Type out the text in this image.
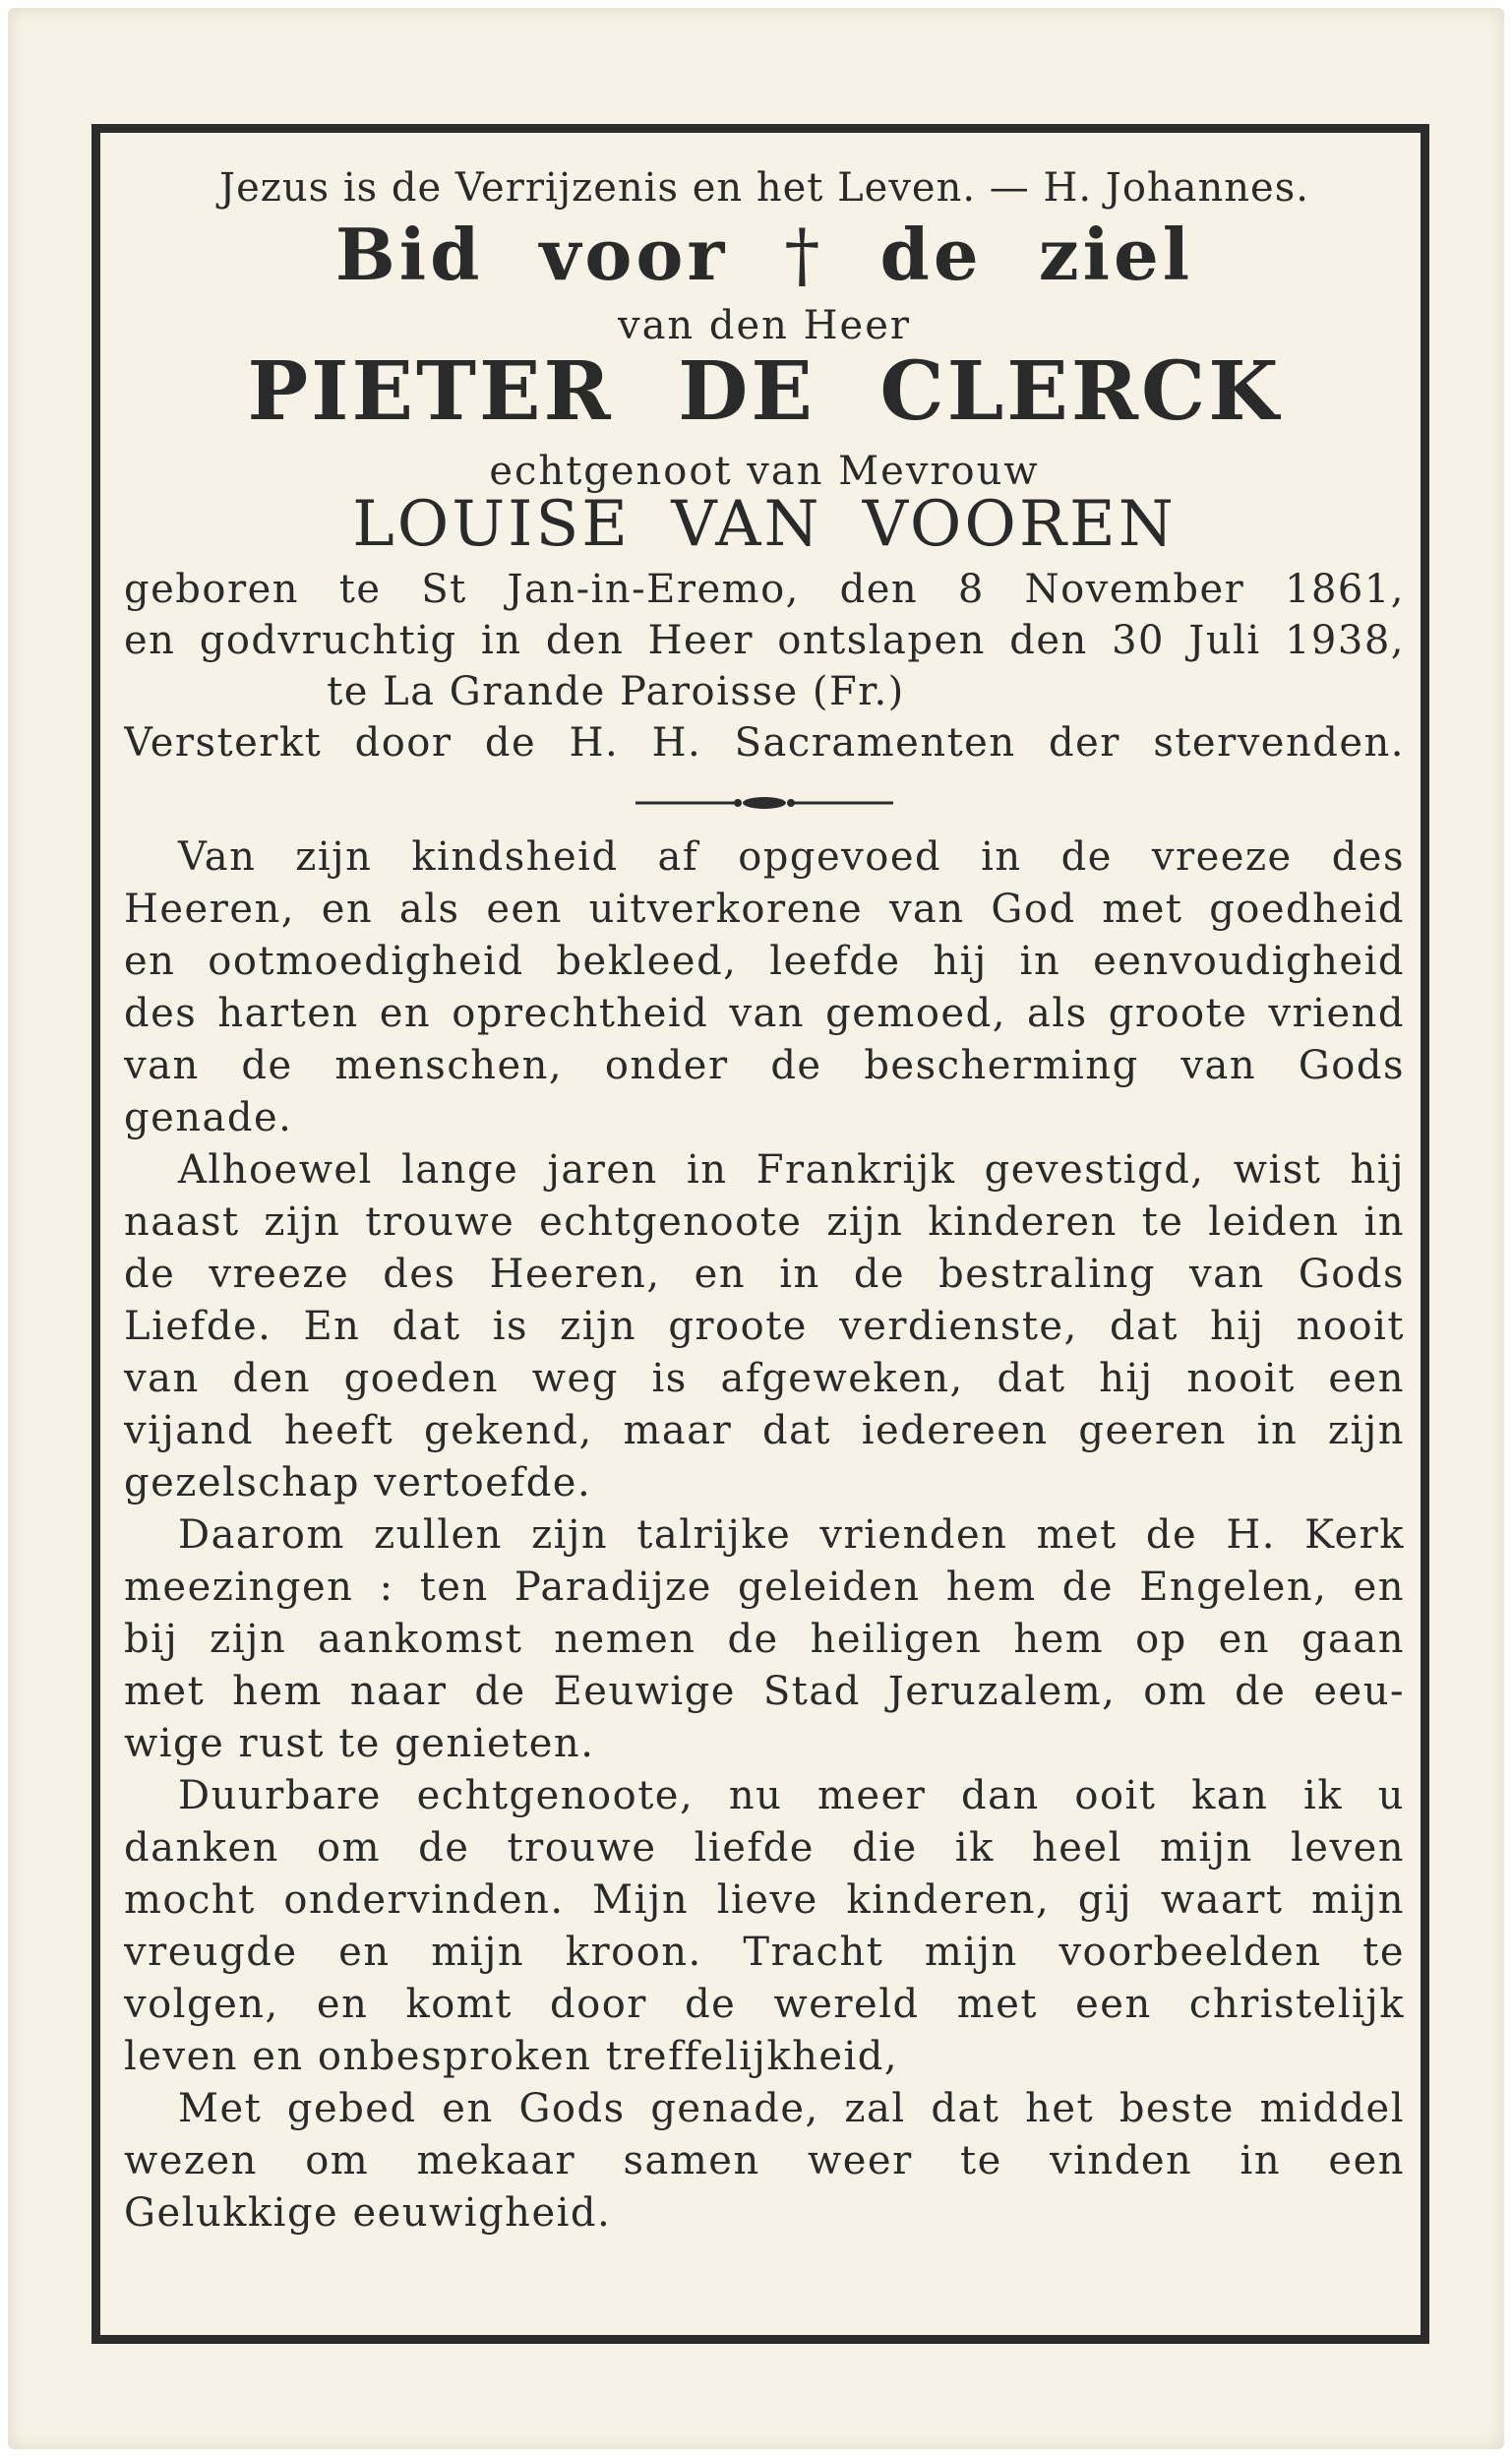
Jezus is de Verrijzenis en het Leven. — H. Johannes.
Bid voor † de ziel
van den Heer
PIETER DE CLERCK
echtgenoot van Mevrouw
LOUISE VAN VOOREN
geboren te St Jan-in-Eremo, den 8 November 1861,
en godvruchtig in den Heer ontslapen den 30 Juli 1938,
te La Grande Paroisse (Fr.)
Versterkt door de H. H. Sacramenten der stervenden.
Van zijn kindsheid af opgevoed in de vreeze des
Heeren, en als een uitverkorene van God met goedheid
en ootmoedigheid bekleed, leefde hij in eenvoudigheid
des harten en oprechtheid van gemoed, als groote vriend
van de menschen, onder de bescherming van Gods
genade.
Alhoewel lange jaren in Frankrijk gevestigd, wist hij
naast zijn trouwe echtgenoote zijn kinderen te leiden in
de vreeze des Heeren, en in de bestraling van Gods
Liefde. En dat is zijn groote verdienste, dat hij nooit
van den goeden weg is afgeweken, dat hij nooit een
vijand heeft gekend, maar dat iedereen geeren in zijn
gezelschap vertoefde.
Daarom zullen zijn talrijke vrienden met de H. Kerk
meezingen : ten Paradijze geleiden hem de Engelen, en
bij zijn aankomst nemen de heiligen hem op en gaan
met hem naar de Eeuwige Stad Jeruzalem, om de eeu-
wige rust te genieten.
Duurbare echtgenoote, nu meer dan ooit kan ik u
danken om de trouwe liefde die ik heel mijn leven
mocht ondervinden. Mijn lieve kinderen, gij waart mijn
vreugde en mijn kroon. Tracht mijn voorbeelden te
volgen, en komt door de wereld met een christelijk
leven en onbesproken treffelijkheid,
Met gebed en Gods genade, zal dat het beste middel
wezen om mekaar samen weer te vinden in een
Gelukkige eeuwigheid.
